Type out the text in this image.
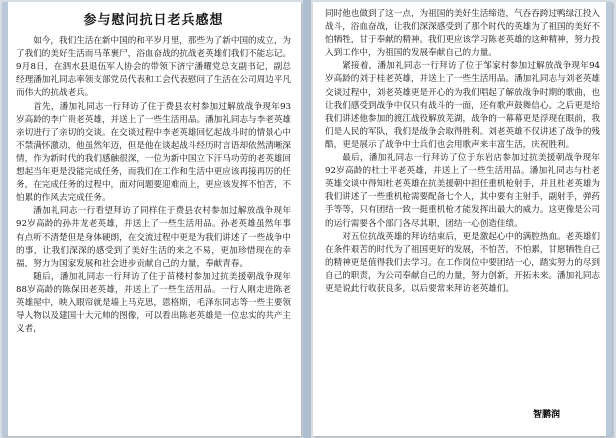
参与慰问抗日老兵感想

如今，我们生活在新中国的和平岁月里，那些为了新中国的成立，为了我们的美好生活而马革裹尸，浴血奋战的抗战老英雄们我们不能忘记。9月8日，在泗水县退伍军人协会的带领下济宁潘耀党总支副书记，副总经理潘加礼同志率领支部党员代表和工会代表慰问了生活在公司周边平凡而伟大的抗战老兵。

首先，潘加礼同志一行拜访了住于费县农村参加过解放战争现年93岁高龄的李广贵老英雄，并送上了一些生活用品。潘加礼同志与李老英雄亲切进行了亲切的交谈。在交谈过程中李老英雄回忆起战斗时的情景心中不禁满怀激动，他虽然年迈，但是他在谈起战斗经历时言语却依然清晰深情，作为新时代的我们感触很深，一位为新中国立下汗马功劳的老英雄回想起当年更是没能完成任务，而我们在工作和生活中更应该再接再厉的任务，在完成任务的过程中，面对问题要迎难而上，更应该发挥不怕苦，不怕累的作风去完成任务。

潘加礼同志一行看望拜访了同样住于费县农村参加过解放战争现年92岁高龄的孙井龙老英雄，并送上了一些生活用品。孙老英雄虽然年事有点听不清楚但是身体硬朗，在交流过程中更是为我们讲述了一些战争中的事，让我们深深的感受到了美好生活的来之不易，更加珍惜现在的幸福，努力为国家发展和社会进步贡献自己的力量，奉献青春。

随后，潘加礼同志一行拜访了住于苗楼村参加过抗美援朝战争现年88岁高龄的陈保田老英雄，并送上了一些生活用品。一行人刚走进陈老英雄屋中，映入眼帘就是墙上马克思，恩格斯，毛泽东同志等一些主要领导人物以及建国十大元帅的图像，可以看出陈老英雄是一位忠实的共产主义者，

同时他也做到了这一点，为祖国的美好生活缔造，气吞吞跨过鸭绿江投入战斗，浴血奋战，让我们深深感受到了那个时代的英雄为了祖国的美好不怕牺牲，甘于奉献的精神。我们更应该学习陈老英雄的这种精神，努力投入到工作中，为祖国的发展奉献自己的力量。

紧接着，潘加礼同志一行拜访了位于邹家村参加过解放战争现年94岁高龄的刘于桂老英雄，并送上了一些生活用品。潘加礼同志与刘老英雄交谈过程中，刘老英雄更是开心的为我们唱起了解放战争时期的歌曲，也让我们感受到战争中仅只有战斗的一面，还有歌声鼓舞信心。之后更是给我们讲述他参加的渡江战役解放芜湖，战争的一幕幕更是浮现在眼前，我们是人民的军队，我们是战争会取得胜利。刘老英雄不仅讲述了战争的残酷，更是展示了战争中士兵们也会用歌声来丰富生活，庆祝胜利。

最后，潘加礼同志一行拜访了位于东岩店参加过抗美援朝战争现年92岁高龄的杜士平老英雄，并送上了一些生活用品。潘加礼同志与杜老英雄交谈中得知杜老英雄在抗美援朝中担任重机枪射手，并且杜老英雄为我们讲述了一些重机枪需要配备七个人，其中要有主射手，副射手，弹药手等等，只有团结一致一挺重机枪才能发挥出最大的威力。这更像是公司的运行需要各个部门各尽其职，团结一心创造佳绩。

对五位抗战英雄的拜访结束后，更是激起心中的满腔热血。老英雄们在条件艰苦的时代为了祖国更好的发展，不怕苦，不怕累，甘愿牺牲自己的精神更是值得我们去学习。在工作岗位中要团结一心，踏实努力的尽到自己的职责，为公司奉献自己的力量，努力创新，开拓未来。潘加礼同志更是说此行收获良多，以后要常来拜访老英雄们。

智鹏润
